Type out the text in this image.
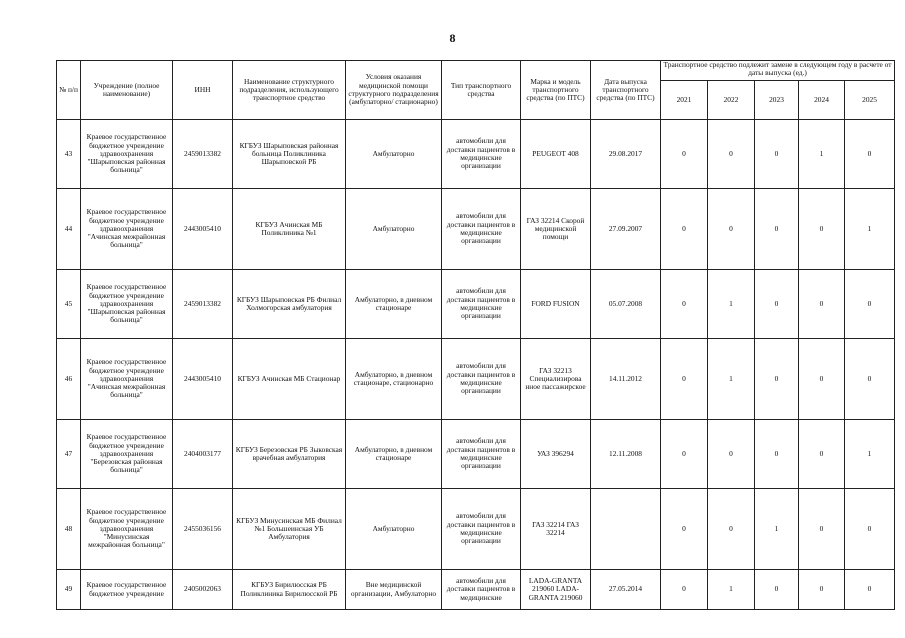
8
№ п/п	Учреждение (полное наименование)	ИНН	Наименование структурного подразделения, использующего транспортное средство	Условия оказания медицинской помощи структурного подразделения (амбулаторно/ стационарно)	Тип транспортного средства	Марка и модель транспортного средства (по ПТС)	Дата выпуска транспортного средства (по ПТС)	Транспортное средство подлежит замене в следующем году в расчете от даты выпуска (ед.)				
								2021	2022	2023	2024	2025
43	Краевое государственное бюджетное учреждение здравоохранения "Шарыповская районная больница"	2459013382	КГБУЗ Шарыповская районная больница Поликлиника Шарыповской РБ	Амбулаторно	автомобили для доставки пациентов в медицинские организации	PEUGEOT 408	29.08.2017	0	0	0	1	0
44	Краевое государственное бюджетное учреждение здравоохранения "Ачинская межрайонная больница"	2443005410	КГБУЗ Ачинская МБ Поликлиника №1	Амбулаторно	автомобили для доставки пациентов в медицинские организации	ГАЗ 32214 Скорой медицинской помощи	27.09.2007	0	0	0	0	1
45	Краевое государственное бюджетное учреждение здравоохранения "Шарыповская районная больница"	2459013382	КГБУЗ Шарыповская РБ Филиал Холмогорская амбулатория	Амбулаторно, в дневном стационаре	автомобили для доставки пациентов в медицинские организации	FORD FUSION	05.07.2008	0	1	0	0	0
46	Краевое государственное бюджетное учреждение здравоохранения "Ачинская межрайонная больница"	2443005410	КГБУЗ Ачинская МБ Стационар	Амбулаторно, в дневном стационаре, стационарно	автомобили для доставки пациентов в медицинские организации	ГАЗ 32213 Специализирова нное пассажирское	14.11.2012	0	1	0	0	0
47	Краевое государственное бюджетное учреждение здравоохранения "Березовская районная больница"	2404003177	КГБУЗ Березовская РБ Зыковская врачебная амбулатория	Амбулаторно, в дневном стационаре	автомобили для доставки пациентов в медицинские организации	УАЗ 396294	12.11.2008	0	0	0	0	1
48	Краевое государственное бюджетное учреждение здравоохранения "Минусинская межрайонная больница"	2455036156	КГБУЗ Минусинская МБ Филиал №1 Большеинская УБ Амбулатория	Амбулаторно	автомобили для доставки пациентов в медицинские организации	ГАЗ 32214 ГАЗ 32214		0	0	1	0	0
49	Краевое государственное бюджетное учреждение	2405002063	КГБУЗ Бирилюсская РБ Поликлиника Бирилюсской РБ	Вне медицинской организации, Амбулаторно	автомобили для доставки пациентов в медицинские	LADA-GRANTA 219060 LADA-GRANTA 219060	27.05.2014	0	1	0	0	0
